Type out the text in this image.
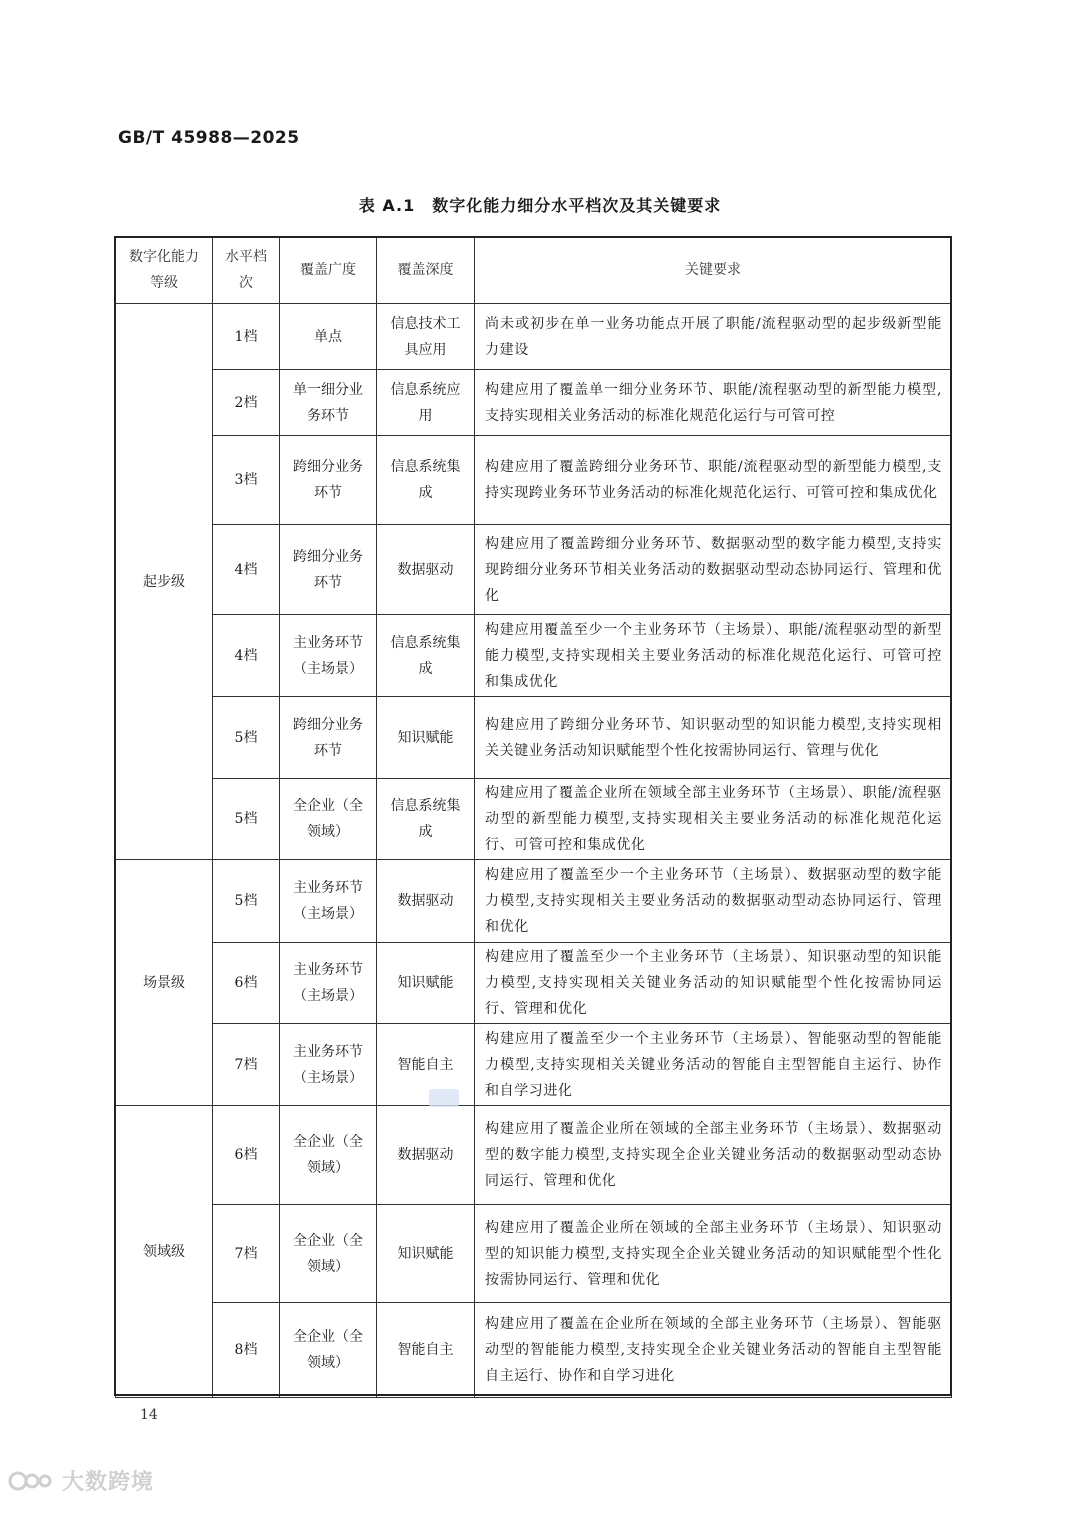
GB/T 45988—2025
表 A.1　数字化能力细分水平档次及其关键要求
数字化能力等级	水平档次	覆盖广度	覆盖深度	关键要求
起步级	1档	单点	信息技术工具应用	尚未或初步在单一业务功能点开展了职能/流程驱动型的起步级新型能力建设
	2档	单一细分业务环节	信息系统应用	构建应用了覆盖单一细分业务环节、职能/流程驱动型的新型能力模型,支持实现相关业务活动的标准化规范化运行与可管可控
	3档	跨细分业务环节	信息系统集成	构建应用了覆盖跨细分业务环节、职能/流程驱动型的新型能力模型,支持实现跨业务环节业务活动的标准化规范化运行、可管可控和集成优化
	4档	跨细分业务环节	数据驱动	构建应用了覆盖跨细分业务环节、数据驱动型的数字能力模型,支持实现跨细分业务环节相关业务活动的数据驱动型动态协同运行、管理和优化
	4档	主业务环节（主场景）	信息系统集成	构建应用覆盖至少一个主业务环节（主场景）、职能/流程驱动型的新型能力模型,支持实现相关主要业务活动的标准化规范化运行、可管可控和集成优化
	5档	跨细分业务环节	知识赋能	构建应用了跨细分业务环节、知识驱动型的知识能力模型,支持实现相关关键业务活动知识赋能型个性化按需协同运行、管理与优化
	5档	全企业（全领域）	信息系统集成	构建应用了覆盖企业所在领域全部主业务环节（主场景）、职能/流程驱动型的新型能力模型,支持实现相关主要业务活动的标准化规范化运行、可管可控和集成优化
场景级	5档	主业务环节（主场景）	数据驱动	构建应用了覆盖至少一个主业务环节（主场景）、数据驱动型的数字能力模型,支持实现相关主要业务活动的数据驱动型动态协同运行、管理和优化
	6档	主业务环节（主场景）	知识赋能	构建应用了覆盖至少一个主业务环节（主场景）、知识驱动型的知识能力模型,支持实现相关关键业务活动的知识赋能型个性化按需协同运行、管理和优化
	7档	主业务环节（主场景）	智能自主	构建应用了覆盖至少一个主业务环节（主场景）、智能驱动型的智能能力模型,支持实现相关关键业务活动的智能自主型智能自主运行、协作和自学习进化
领域级	6档	全企业（全领域）	数据驱动	构建应用了覆盖企业所在领域的全部主业务环节（主场景）、数据驱动型的数字能力模型,支持实现全企业关键业务活动的数据驱动型动态协同运行、管理和优化
	7档	全企业（全领域）	知识赋能	构建应用了覆盖企业所在领域的全部主业务环节（主场景）、知识驱动型的知识能力模型,支持实现全企业关键业务活动的知识赋能型个性化按需协同运行、管理和优化
	8档	全企业（全领域）	智能自主	构建应用了覆盖在企业所在领域的全部主业务环节（主场景）、智能驱动型的智能能力模型,支持实现全企业关键业务活动的智能自主型智能自主运行、协作和自学习进化
14
大数跨境
